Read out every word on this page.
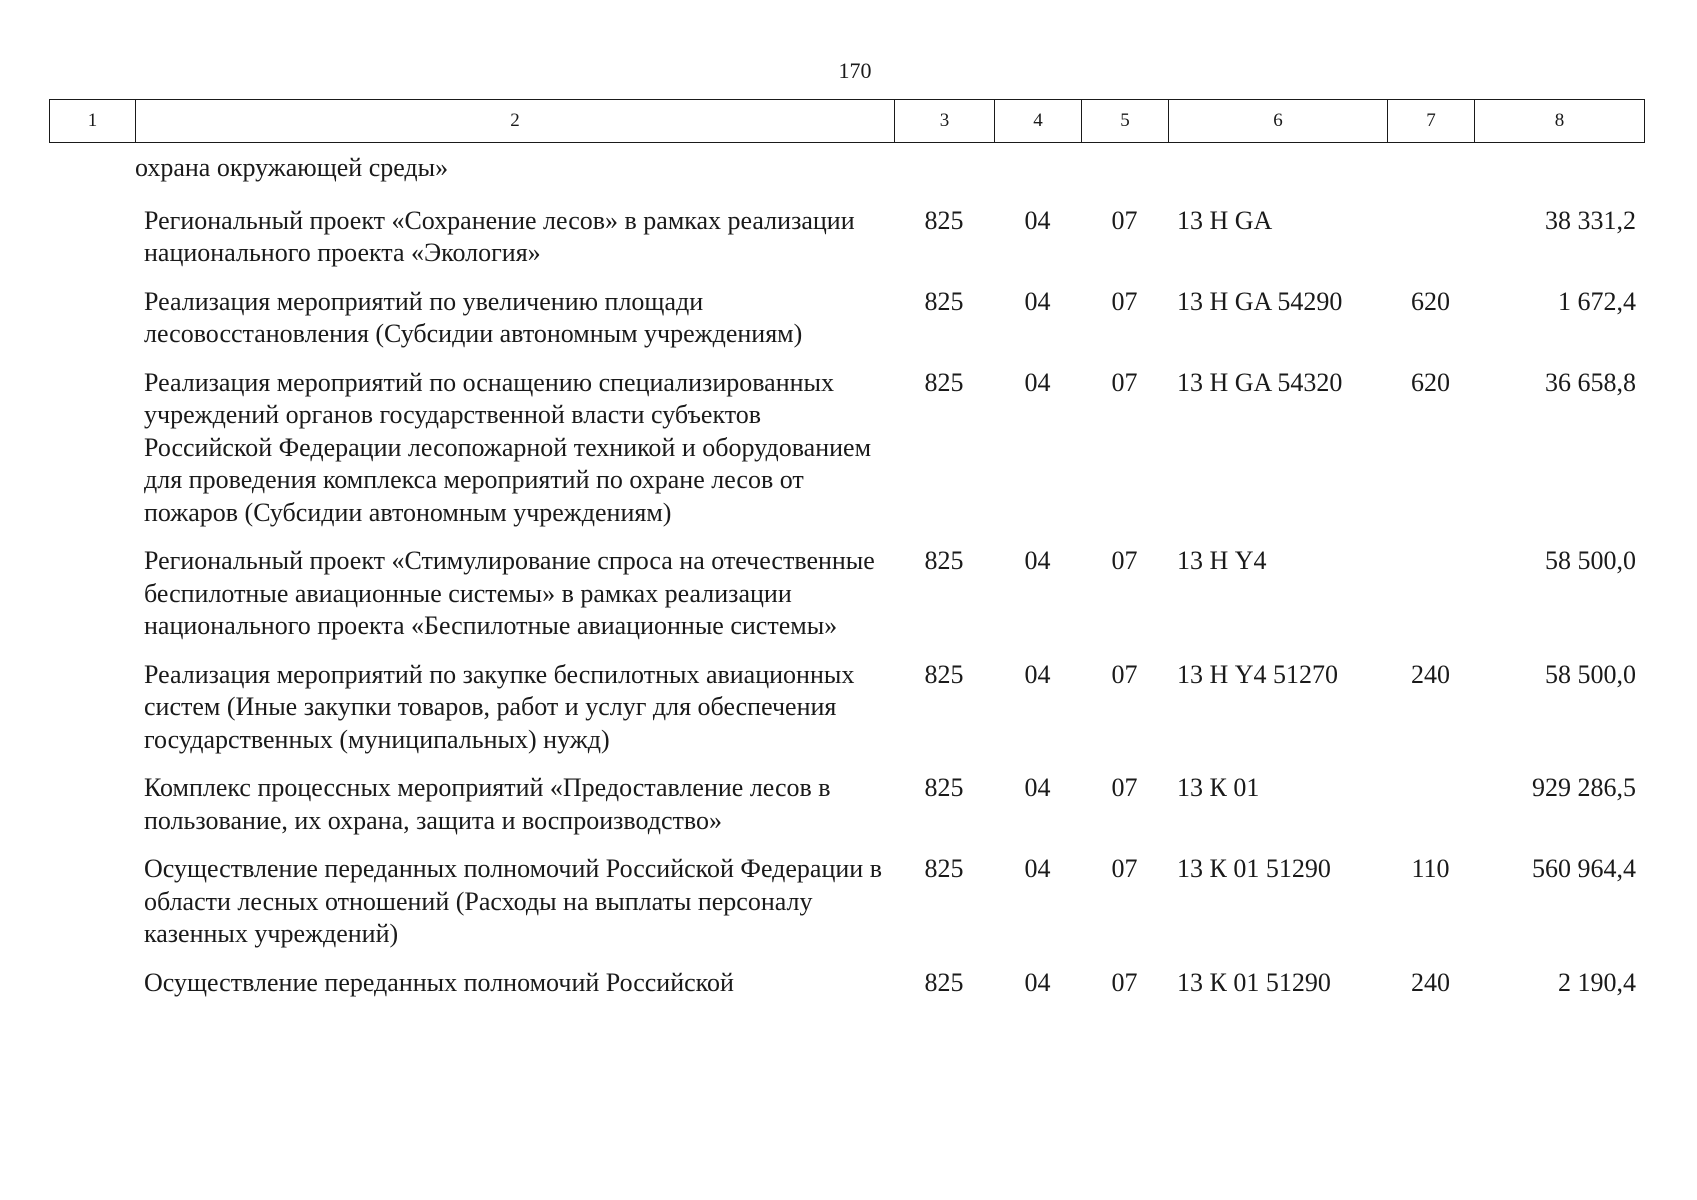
170
1	2	3	4	5	6	7	8
	охрана окружающей среды»						
	Региональный проект «Сохранение лесов» в рамках реализации национального проекта «Экология»	825	04	07	13 Н GA		38 331,2
	Реализация мероприятий по увеличению площади лесовосстановления (Субсидии автономным учреждениям)	825	04	07	13 Н GA 54290	620	1 672,4
	Реализация мероприятий по оснащению специализированных учреждений органов государственной власти субъектов Российской Федерации лесопожарной техникой и оборудованием для проведения комплекса мероприятий по охране лесов от пожаров (Субсидии автономным учреждениям)	825	04	07	13 Н GA 54320	620	36 658,8
	Региональный проект «Стимулирование спроса на отечественные беспилотные авиационные системы» в рамках реализации национального проекта «Беспилотные авиационные системы»	825	04	07	13 Н Y4		58 500,0
	Реализация мероприятий по закупке беспилотных авиационных систем (Иные закупки товаров, работ и услуг для обеспечения государственных (муниципальных) нужд)	825	04	07	13 Н Y4 51270	240	58 500,0
	Комплекс процессных мероприятий «Предоставление лесов в пользование, их охрана, защита и воспроизводство»	825	04	07	13 К 01		929 286,5
	Осуществление переданных полномочий Российской Федерации в области лесных отношений (Расходы на выплаты персоналу казенных учреждений)	825	04	07	13 К 01 51290	110	560 964,4
	Осуществление переданных полномочий Российской	825	04	07	13 К 01 51290	240	2 190,4
